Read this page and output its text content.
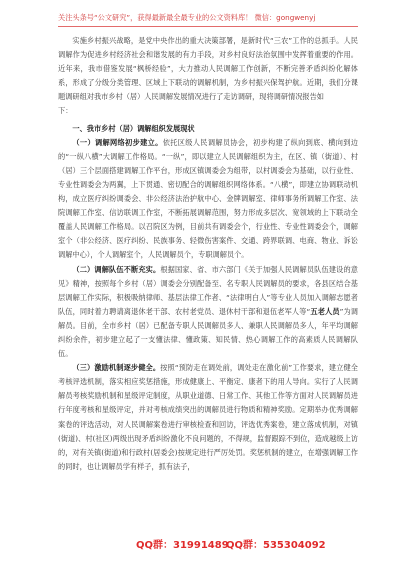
关注头条号“公文研究”，获得最新最全最专业的公文资料库！ 微信：gongwenyj

实施乡村振兴战略，是党中央作出的重大决策部署，是新时代“三农”工作的总抓手。人民调解作为促进乡村经济社会和谐发展的有力手段，对乡村良好法治氛围中发挥着重要的作用。近年来，我市借鉴发展“枫桥经验”，大力推动人民调解工作创新，不断完善矛盾纠纷化解体系，形成了分级分类管理、区域上下联动的调解机制，为乡村振兴保驾护航。近期，我们分课题调研组对我市乡村（居）人民调解发展情况进行了走访调研，现将调研情况报告如

下：

一、我市乡村（居）调解组织发展现状

（一）调解网络初步建立。依托区级人民调解员协会，初步构建了纵向到底、横向到边的“一纵八横”大调解工作格局。“一纵”，即以建立人民调解组织为主，在区、镇（街道）、村（居）三个层面搭建调解工作平台，形成区镇调委会为组带，以村调委会为基础，以行业性、专业性调委会为两翼，上下贯通、密切配合的调解组织网络体系。“八横”，即建立协调联动机构，成立医疗纠纷调委会、非公经济法治护航中心、金牌调解室、律师事务所调解工作室、法院调解工作室、信访联调工作室，不断拓展调解范围，努力形成多层次、宽领域的上下联动全覆盖人民调解工作格局。以召院区为例，目前共有调委会个，行业性、专业性调委会个，调解室个（非公经济、医疗纠纷、民族事务、轻微伤害案件、交通、跨界联调、电商、物业、诉讼调解中心），个人调解室个，人民调解员个，专职调解员个。

（二）调解队伍不断充实。根据国家、省、市六部门《关于加强人民调解员队伍建设的意见》精神，按照每个乡村（居）调委会分别配备至、名专职人民调解员的要求，各县区结合基层调解工作实际，积极吸纳律师、基层法律工作者、“法律明白人”等专业人员加入调解志愿者队伍，同时着力聘请离退休老干部、农村老党员、退休村干部和退伍老军人等“五老人员”为调解员。目前，全市乡村（居）已配备专职人民调解员多人、兼职人民调解员多人，年平均调解纠纷余件，初步建立起了一支懂法律、懂政策、知民情、热心调解工作的高素质人民调解队伍。

（三）激励机制逐步健全。按照“预防走在调处前，调处走在激化前”工作要求，建立健全考核评选机制，落实相应奖惩措施，形成健康上、平衡定、康者下的用人导向。实行了人民调解员考核奖励机制和星级评定制度，从职业道德、日常工作、其他工作等方面对人民调解员进行年度考核和星级评定，并对考核成绩突出的调解员进行物质和精神奖励。定期举办优秀调解案卷的评选活动，对人民调解案卷进行审核检查和回访，评选优秀案卷，建立落成机制，对镇(街道)、村(社区)两级出现矛盾纠纷激化不良问题的，不得规，监督跟踪不到位，造成越级上访的，对有关镇(街道)和行政村(居委会)按规定进行严厉处罚。奖惩机制的建立，在增强调解工作的同时，也让调解员学有样子，抓有法子，

QQ群：31991489
QQ群：535304092
